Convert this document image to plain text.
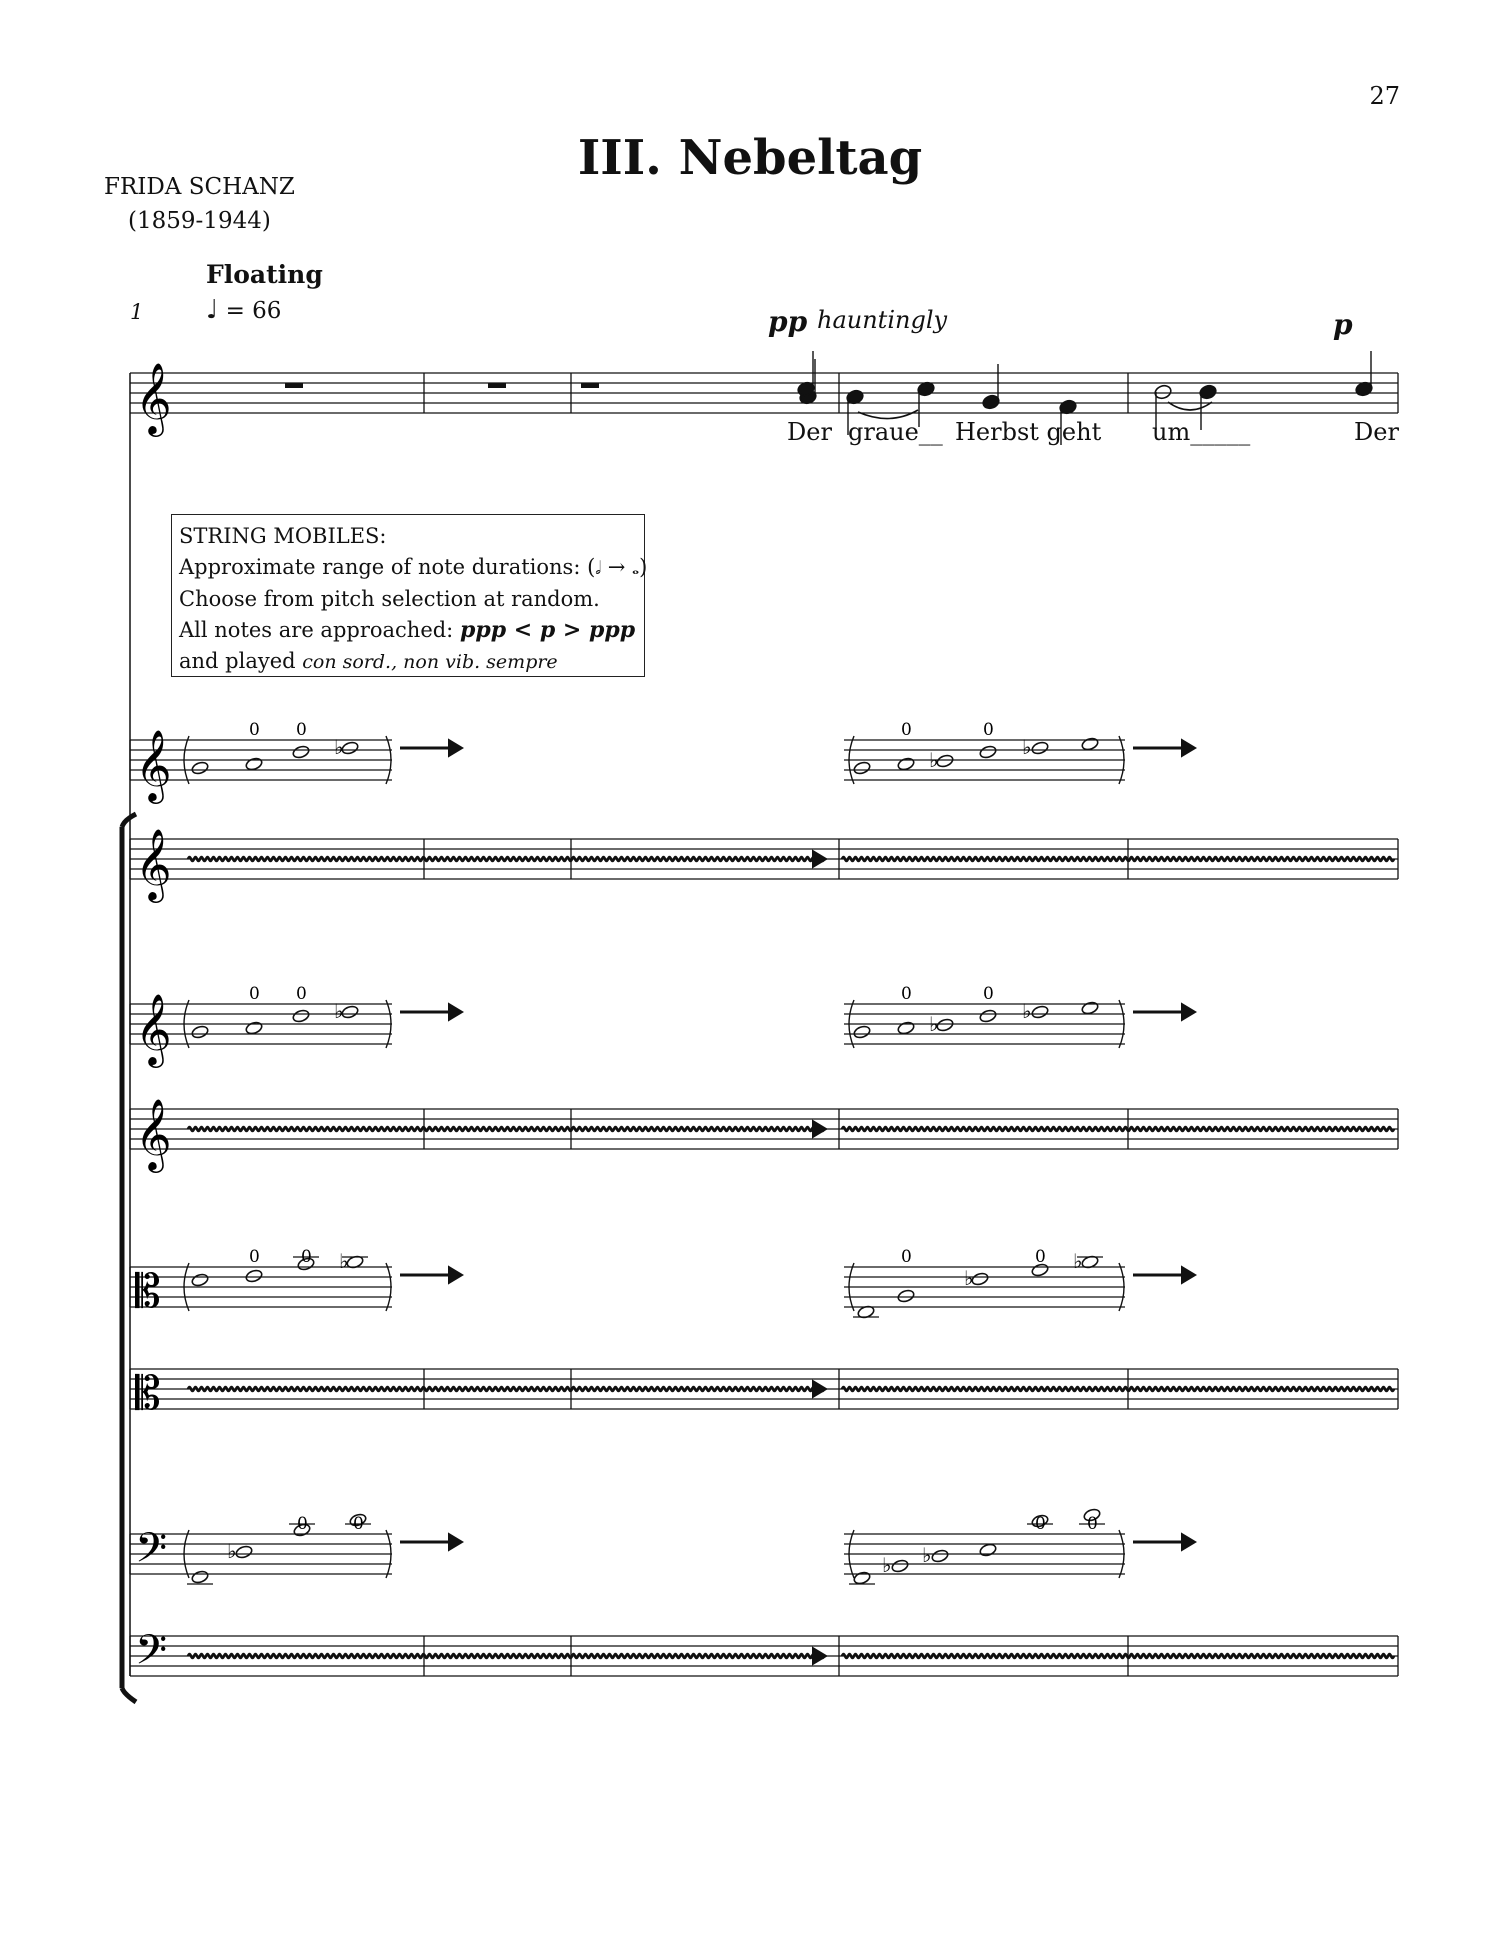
27
III. Nebeltag
FRIDA SCHANZ
(1859-1944)
Floating
♩ = 66
1	pp hauntingly	p
Der graue__ Herbst geht um_____	Der
STRING MOBILES:
Approximate range of note durations: (𝅗𝅥 → 𝅝)
Choose from pitch selection at random.
All notes are approached: ppp < p > ppp
and played con sord., non vib. sempre
𝄞
𝄞
𝄞
𝄞
𝄞
𝄡
𝄡
𝄢
𝄢
0 0
♭
0	0
♭
♭
0 0
♭
0	0
♭
♭
0 0 ♭	0	0
♭
♭
0	0
♭
0 0
♭ ♭
